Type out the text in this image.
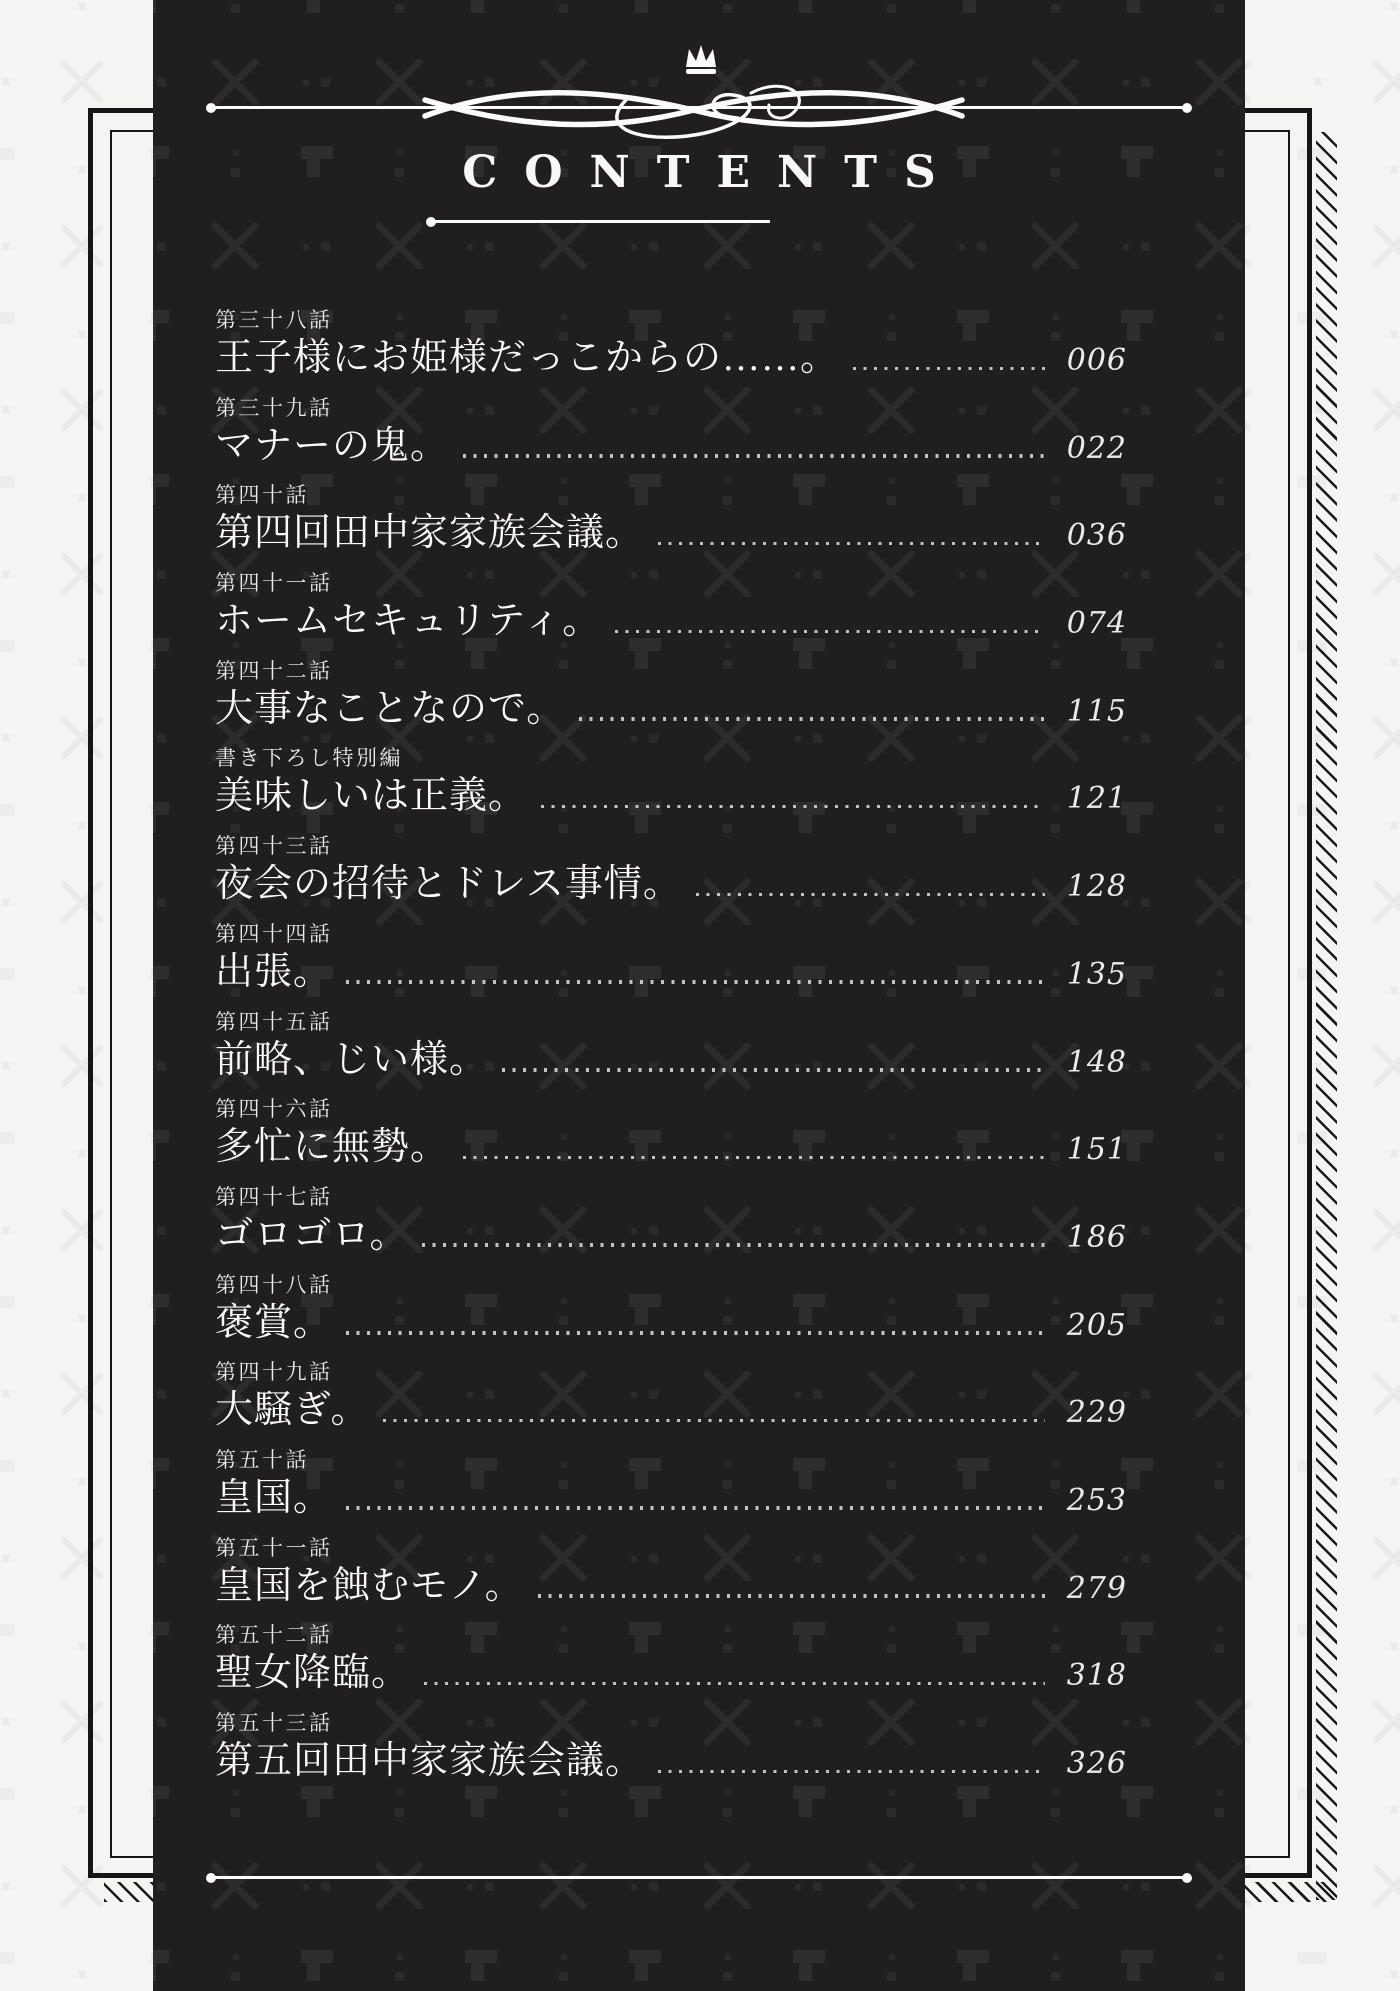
CONTENTS
第三十八話
王子様にお姫様だっこからの……。	006
第三十九話
マナーの鬼。	022
第四十話
第四回田中家家族会議。	036
第四十一話
ホームセキュリティ。	074
第四十二話
大事なことなので。	115
書き下ろし特別編
美味しいは正義。	121
第四十三話
夜会の招待とドレス事情。	128
第四十四話
出張。	135
第四十五話
前略、じい様。	148
第四十六話
多忙に無勢。	151
第四十七話
ゴロゴロ。	186
第四十八話
褒賞。	205
第四十九話
大騒ぎ。	229
第五十話
皇国。	253
第五十一話
皇国を蝕むモノ。	279
第五十二話
聖女降臨。	318
第五十三話
第五回田中家家族会議。	326
